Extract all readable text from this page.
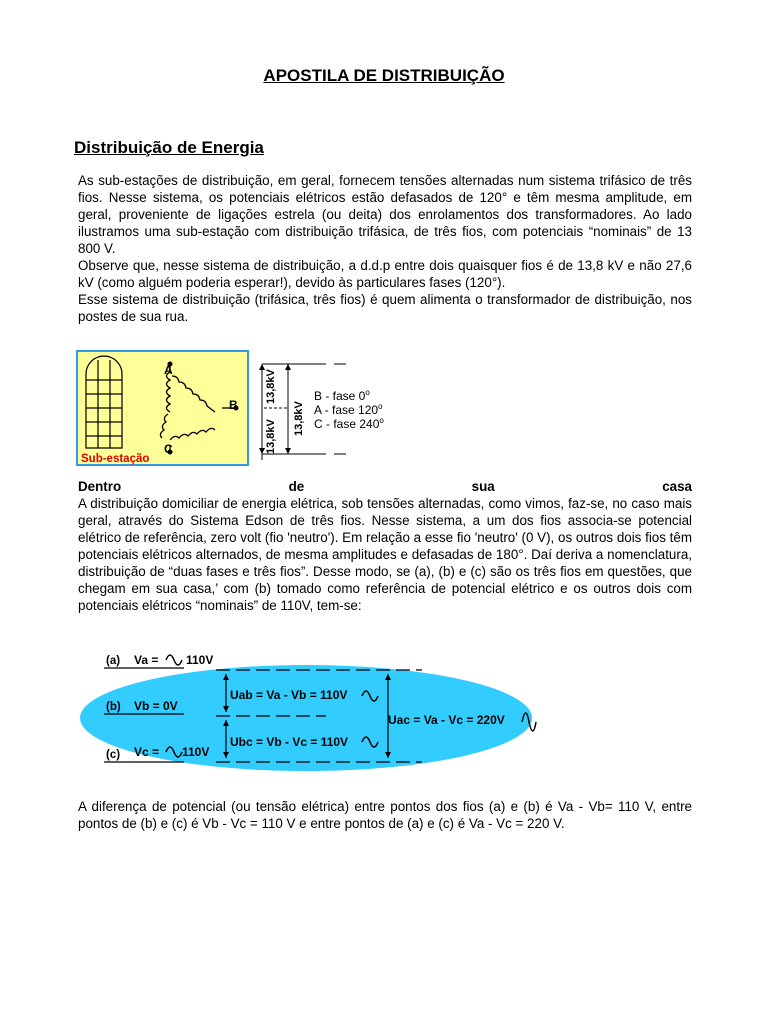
APOSTILA DE DISTRIBUIÇÃO
Distribuição de Energia
As sub-estações de distribuição, em geral, fornecem tensões alternadas num sistema trifásico de três fios. Nesse sistema, os potenciais elétricos estão defasados de 120° e têm mesma amplitude, em geral, proveniente de ligações estrela (ou deita) dos enrolamentos dos transformadores. Ao lado ilustramos uma sub-estação com distribuição trifásica, de três fios, com potenciais “nominais” de 13 800 V.
Observe que, nesse sistema de distribuição, a d.d.p entre dois quaisquer fios é de 13,8 kV e não 27,6 kV (como alguém poderia esperar!), devido às particulares fases (120°).
Esse sistema de distribuição (trifásica, três fios) é quem alimenta o transformador de distribuição, nos postes de sua rua.
A
B
C
Sub-estação
13,8kV
13,8kV
13,8kV
B - fase 0$^o$
A - fase 120$^o$
C - fase 240$^o$
Dentro	de	sua	casa
A distribuição domiciliar de energia elétrica, sob tensões alternadas, como vimos, faz-se, no caso mais geral, através do Sistema Edson de três fios. Nesse sistema, a um dos fios associa-se potencial elétrico de referência, zero volt (fio 'neutro'). Em relação a esse fio 'neutro' (0 V), os outros dois fios têm potenciais elétricos alternados, de mesma amplitudes e defasadas de 180°. Daí deriva a nomenclatura, distribuição de “duas fases e três fios”. Desse modo, se (a), (b) e (c) são os três fios em questões, que chegam em sua casa,’ com (b) tomado como referência de potencial elétrico e os outros dois com potenciais elétricos “nominais” de 110V, tem-se:
(a)
(b)
(c)
Va = 110V
Vb = 0V
Vc = 110V
Uab = Va - Vb = 110V
Ubc = Vb - Vc = 110V
Uac = Va - Vc = 220V
A diferença de potencial (ou tensão elétrica) entre pontos dos fios (a) e (b) é Va - Vb= 110 V, entre pontos de (b) e (c) é Vb - Vc = 110 V e entre pontos de (a) e (c) é Va - Vc = 220 V.
